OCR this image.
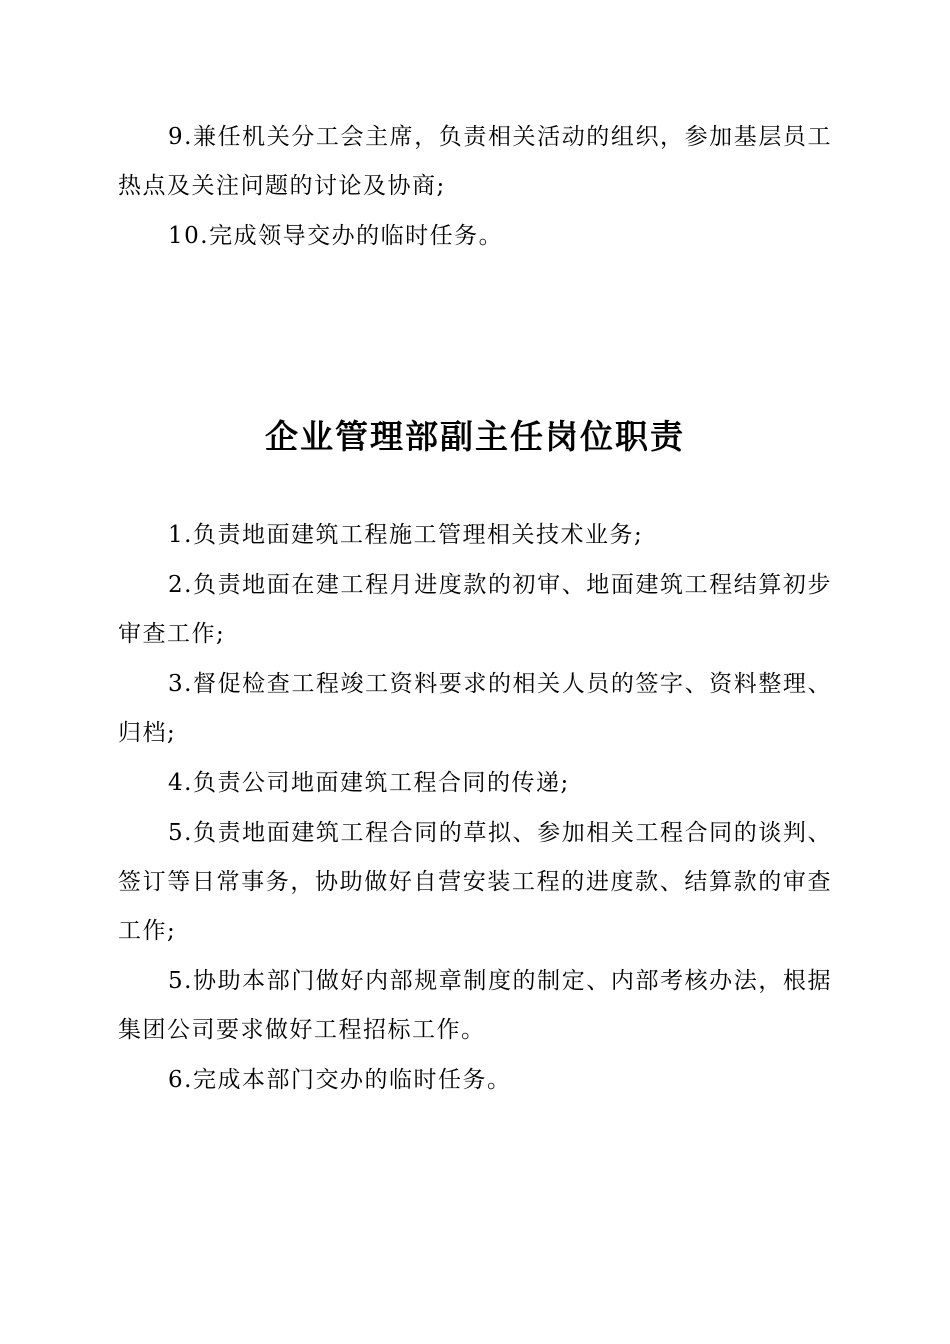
9.兼任机关分工会主席，负责相关活动的组织，参加基层员工热点及关注问题的讨论及协商;

10.完成领导交办的临时任务。

企业管理部副主任岗位职责

1.负责地面建筑工程施工管理相关技术业务;

2.负责地面在建工程月进度款的初审、地面建筑工程结算初步审查工作;

3.督促检查工程竣工资料要求的相关人员的签字、资料整理、归档;

4.负责公司地面建筑工程合同的传递;

5.负责地面建筑工程合同的草拟、参加相关工程合同的谈判、签订等日常事务，协助做好自营安装工程的进度款、结算款的审查工作;

5.协助本部门做好内部规章制度的制定、内部考核办法，根据集团公司要求做好工程招标工作。

6.完成本部门交办的临时任务。
